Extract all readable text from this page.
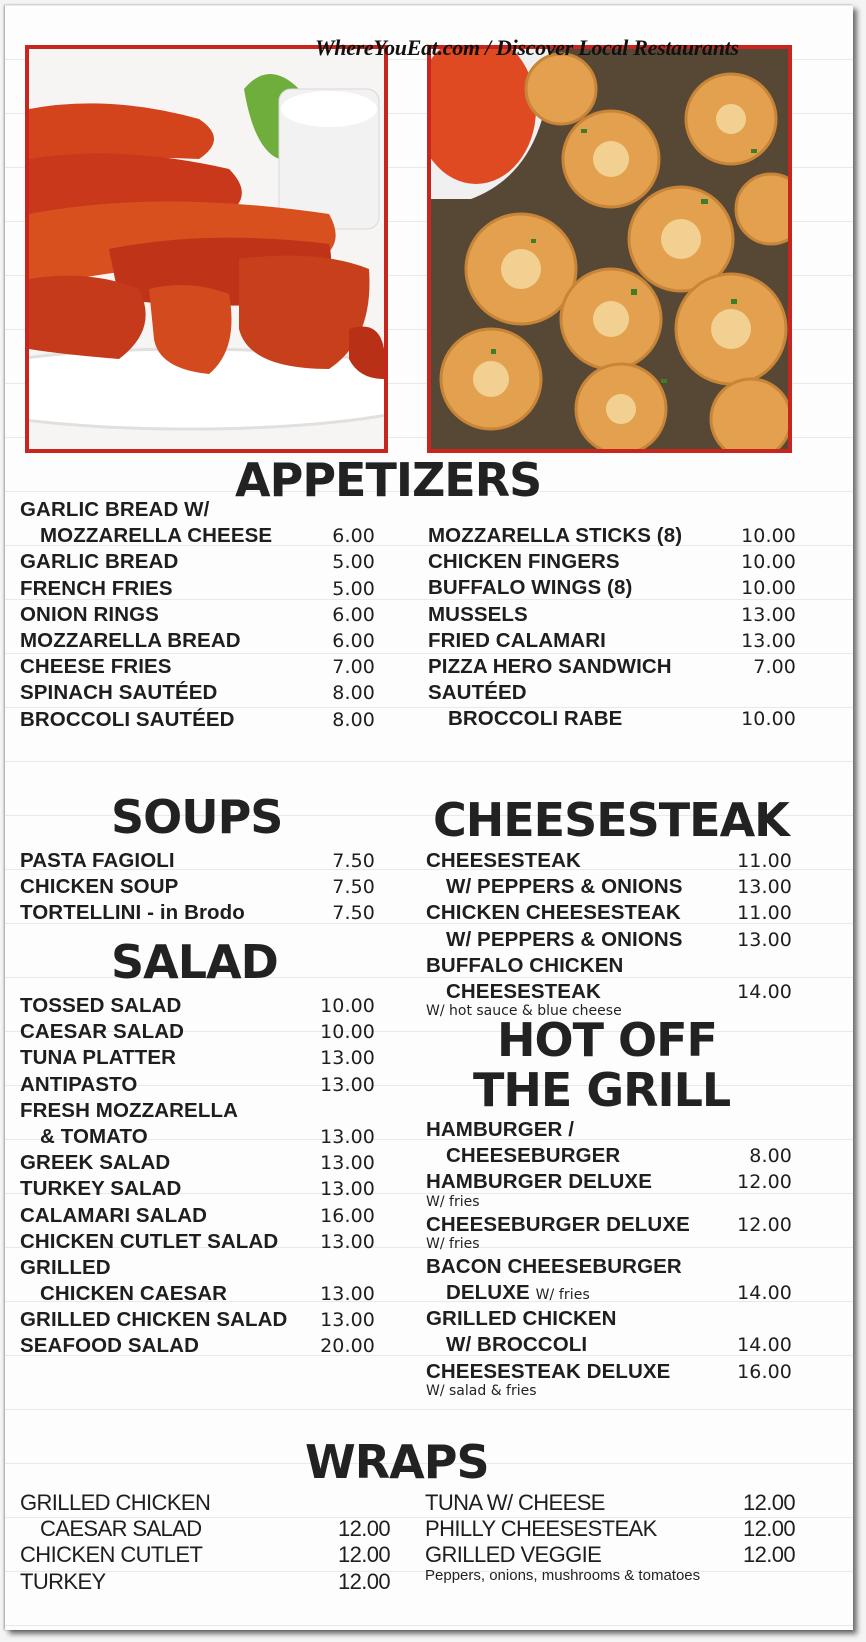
WhereYouEat.com / Discover Local Restaurants
APPETIZERS
GARLIC BREAD W/
MOZZARELLA CHEESE	6.00
GARLIC BREAD	5.00
FRENCH FRIES	5.00
ONION RINGS	6.00
MOZZARELLA BREAD	6.00
CHEESE FRIES	7.00
SPINACH SAUTÉED	8.00
BROCCOLI SAUTÉED	8.00
MOZZARELLA STICKS (8)	10.00
CHICKEN FINGERS	10.00
BUFFALO WINGS (8)	10.00
MUSSELS	13.00
FRIED CALAMARI	13.00
PIZZA HERO SANDWICH	7.00
SAUTÉED
BROCCOLI RABE	10.00
SOUPS
PASTA FAGIOLI	7.50
CHICKEN SOUP	7.50
TORTELLINI - in Brodo	7.50
SALAD
TOSSED SALAD	10.00
CAESAR SALAD	10.00
TUNA PLATTER	13.00
ANTIPASTO	13.00
FRESH MOZZARELLA
& TOMATO	13.00
GREEK SALAD	13.00
TURKEY SALAD	13.00
CALAMARI SALAD	16.00
CHICKEN CUTLET SALAD 13.00
GRILLED
CHICKEN CAESAR	13.00
GRILLED CHICKEN SALAD 13.00
SEAFOOD SALAD	20.00
CHEESESTEAK
CHEESESTEAK	11.00
W/ PEPPERS & ONIONS	13.00
CHICKEN CHEESESTEAK	11.00
W/ PEPPERS & ONIONS	13.00
BUFFALO CHICKEN
CHEESESTEAK	14.00
W/ hot sauce & blue cheese
HOT OFF
THE GRILL
HAMBURGER /
CHEESEBURGER	8.00
HAMBURGER DELUXE	12.00
W/ fries
CHEESEBURGER DELUXE 12.00
W/ fries
BACON CHEESEBURGER
DELUXE W/ fries	14.00
GRILLED CHICKEN
W/ BROCCOLI	14.00
CHEESESTEAK DELUXE	16.00
W/ salad & fries
WRAPS
GRILLED CHICKEN
CAESAR SALAD	12.00
CHICKEN CUTLET	12.00
TURKEY	12.00
TUNA W/ CHEESE	12.00
PHILLY CHEESESTEAK	12.00
GRILLED VEGGIE	12.00
Peppers, onions, mushrooms & tomatoes
